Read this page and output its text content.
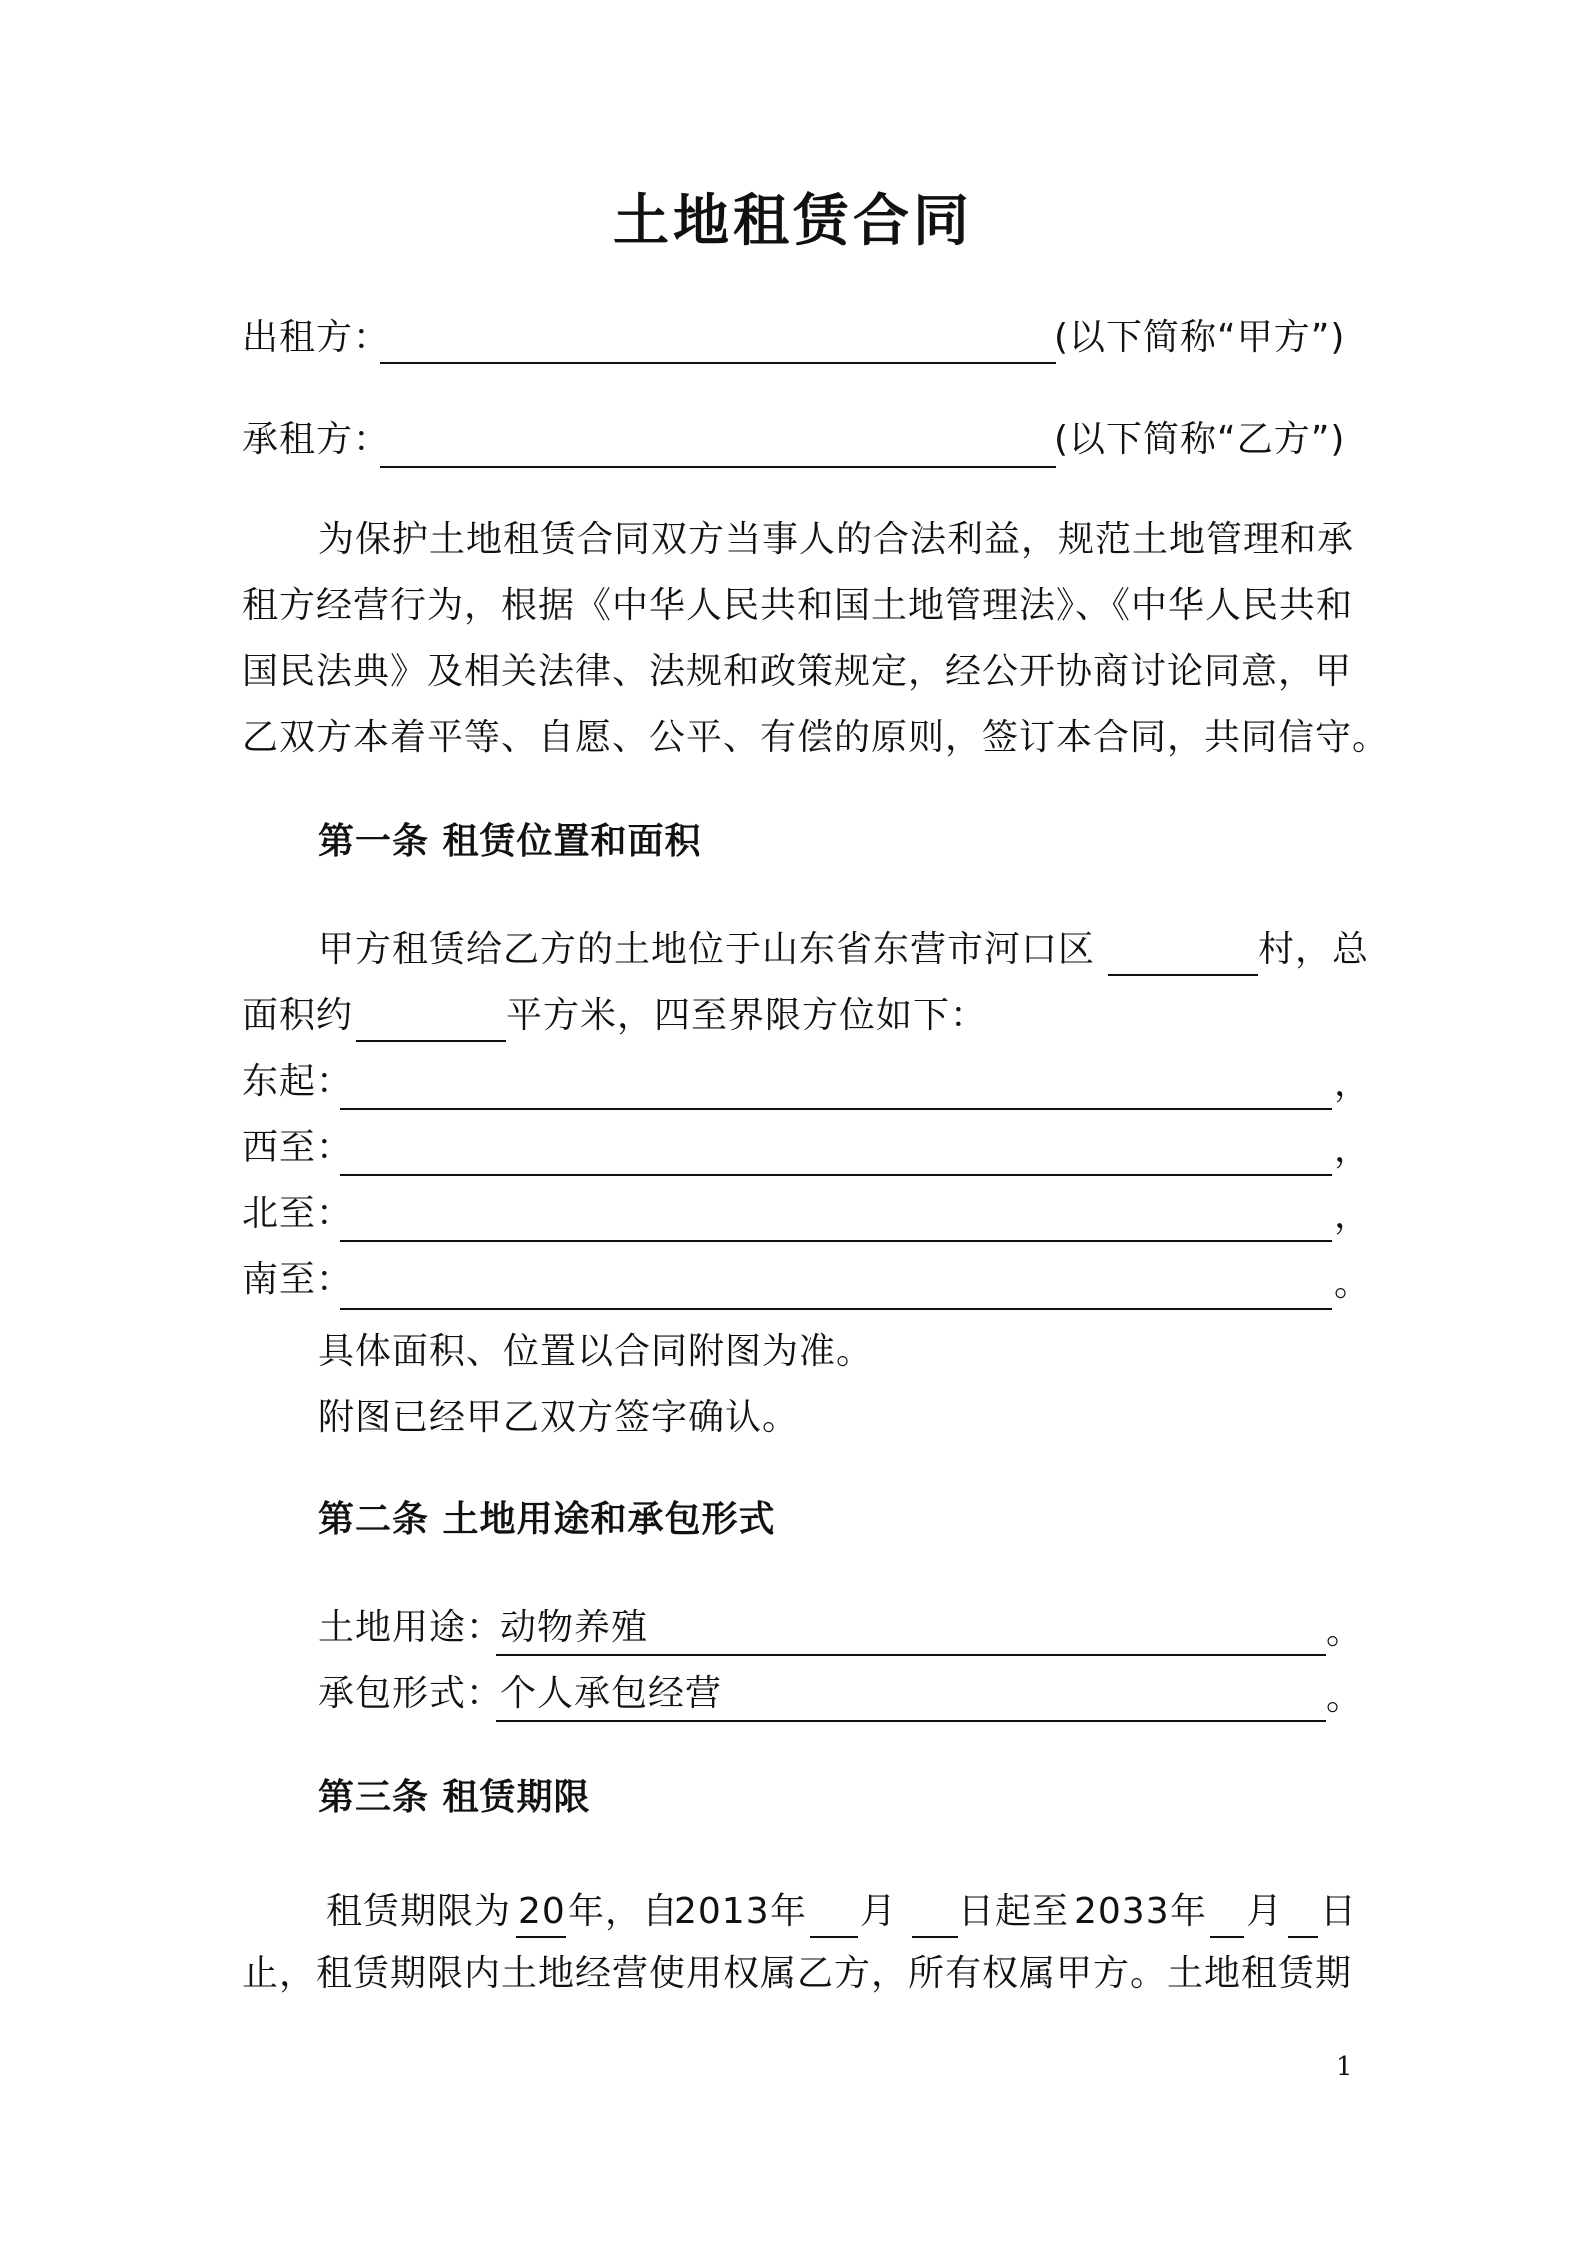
土地租赁合同
出租方：	(以下简称“甲方”)
承租方：	(以下简称“乙方”)
为保护土地租赁合同双方当事人的合法利益，规范土地管理和承
租方经营行为，根据《中华人民共和国土地管理法》、《中华人民共和
国民法典》及相关法律、法规和政策规定，经公开协商讨论同意，甲
乙双方本着平等、自愿、公平、有偿的原则，签订本合同，共同信守。
第一条 租赁位置和面积
甲方租赁给乙方的土地位于山东省东营市河口区	村，总
面积约	平方米，四至界限方位如下：
东起：	，
西至：	，
北至：	，
南至：	。
具体面积、位置以合同附图为准。
附图已经甲乙双方签字确认。
第二条 土地用途和承包形式
土地用途：
动物养殖	。
承包形式：
个人承包经营	。
第三条 租赁期限
租赁期限为 20 年，自
2013 年 月 日起至 2033 年 月 日
止，租赁期限内土地经营使用权属乙方，所有权属甲方。土地租赁期
1
